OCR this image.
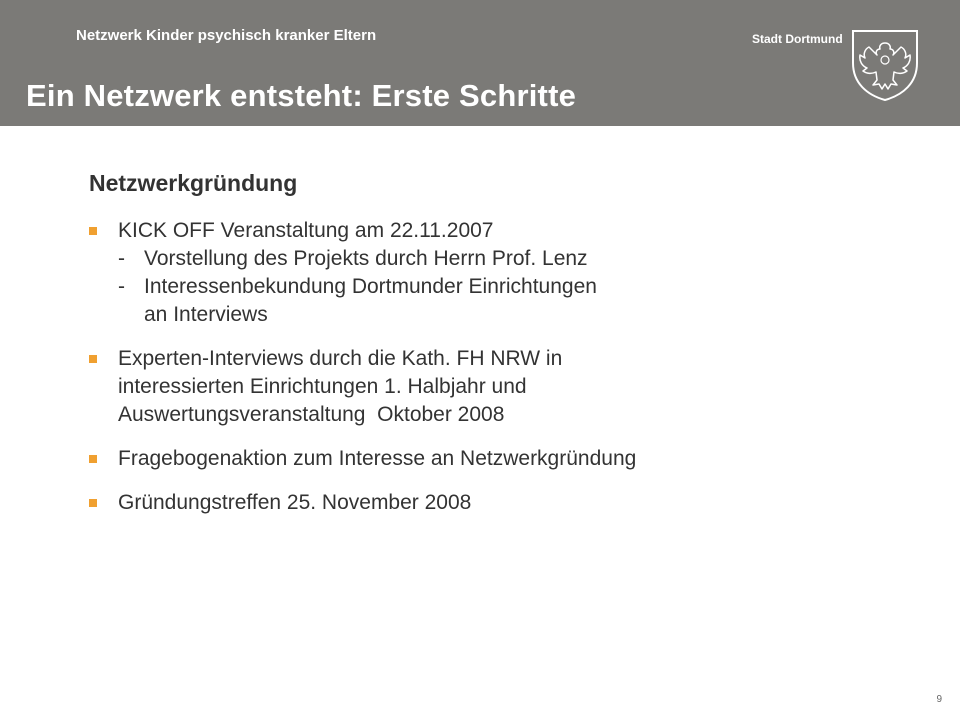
Netzwerk Kinder psychisch kranker Eltern
Ein Netzwerk entsteht: Erste Schritte
Stadt Dortmund
Netzwerkgründung
KICK OFF Veranstaltung am 22.11.2007
- Vorstellung des Projekts durch Herrn Prof. Lenz
- Interessenbekundung Dortmunder Einrichtungen
an Interviews
Experten-Interviews durch die Kath. FH NRW in
interessierten Einrichtungen 1. Halbjahr und
Auswertungsveranstaltung  Oktober 2008
Fragebogenaktion zum Interesse an Netzwerkgründung
Gründungstreffen 25. November 2008
9
